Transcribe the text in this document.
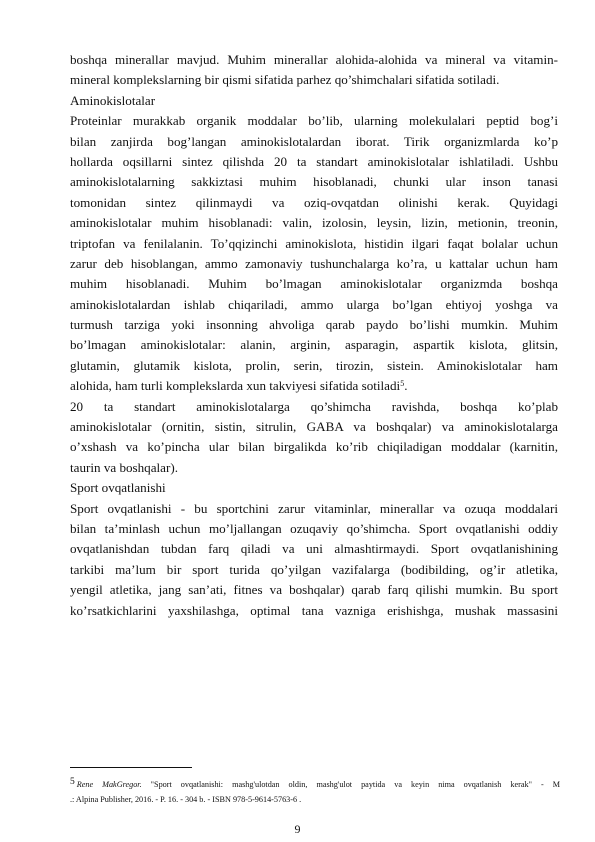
boshqa minerallar mavjud. Muhim minerallar alohida-alohida va mineral va vitamin-
mineral komplekslarning bir qismi sifatida parhez qo’shimchalari sifatida sotiladi.
Aminokislotalar
Proteinlar murakkab organik moddalar bo’lib, ularning molekulalari peptid bog’i
bilan zanjirda bog’langan aminokislotalardan iborat. Tirik organizmlarda ko’p
hollarda oqsillarni sintez qilishda 20 ta standart aminokislotalar ishlatiladi. Ushbu
aminokislotalarning sakkiztasi muhim hisoblanadi, chunki ular inson tanasi
tomonidan sintez qilinmaydi va oziq-ovqatdan olinishi kerak. Quyidagi
aminokislotalar muhim hisoblanadi: valin, izolosin, leysin, lizin, metionin, treonin,
triptofan va fenilalanin. To’qqizinchi aminokislota, histidin ilgari faqat bolalar uchun
zarur deb hisoblangan, ammo zamonaviy tushunchalarga ko’ra, u kattalar uchun ham
muhim hisoblanadi. Muhim bo’lmagan aminokislotalar organizmda boshqa
aminokislotalardan ishlab chiqariladi, ammo ularga bo’lgan ehtiyoj yoshga va
turmush tarziga yoki insonning ahvoliga qarab paydo bo’lishi mumkin. Muhim
bo’lmagan aminokislotalar: alanin, arginin, asparagin, aspartik kislota, glitsin,
glutamin, glutamik kislota, prolin, serin, tirozin, sistein. Aminokislotalar ham
alohida, ham turli komplekslarda xun takviyesi sifatida sotiladi$^5$.
20 ta standart aminokislotalarga qo’shimcha ravishda, boshqa ko’plab
aminokislotalar (ornitin, sistin, sitrulin, GABA va boshqalar) va aminokislotalarga
o’xshash va ko’pincha ular bilan birgalikda ko’rib chiqiladigan moddalar (karnitin,
taurin va boshqalar).
Sport ovqatlanishi
Sport ovqatlanishi - bu sportchini zarur vitaminlar, minerallar va ozuqa moddalari
bilan ta’minlash uchun mo’ljallangan ozuqaviy qo’shimcha. Sport ovqatlanishi oddiy
ovqatlanishdan tubdan farq qiladi va uni almashtirmaydi. Sport ovqatlanishining
tarkibi ma’lum bir sport turida qo’yilgan vazifalarga (bodibilding, og’ir atletika,
yengil atletika, jang san’ati, fitnes va boshqalar) qarab farq qilishi mumkin. Bu sport
ko’rsatkichlarini yaxshilashga, optimal tana vazniga erishishga, mushak massasini
5 Rene MakGregor. "Sport ovqatlanishi: mashg'ulotdan oldin, mashg'ulot paytida va keyin nima ovqatlanish kerak" - M
.: Alpina Publisher, 2016. - P. 16. - 304 b. - ISBN 978-5-9614-5763-6 .
9
